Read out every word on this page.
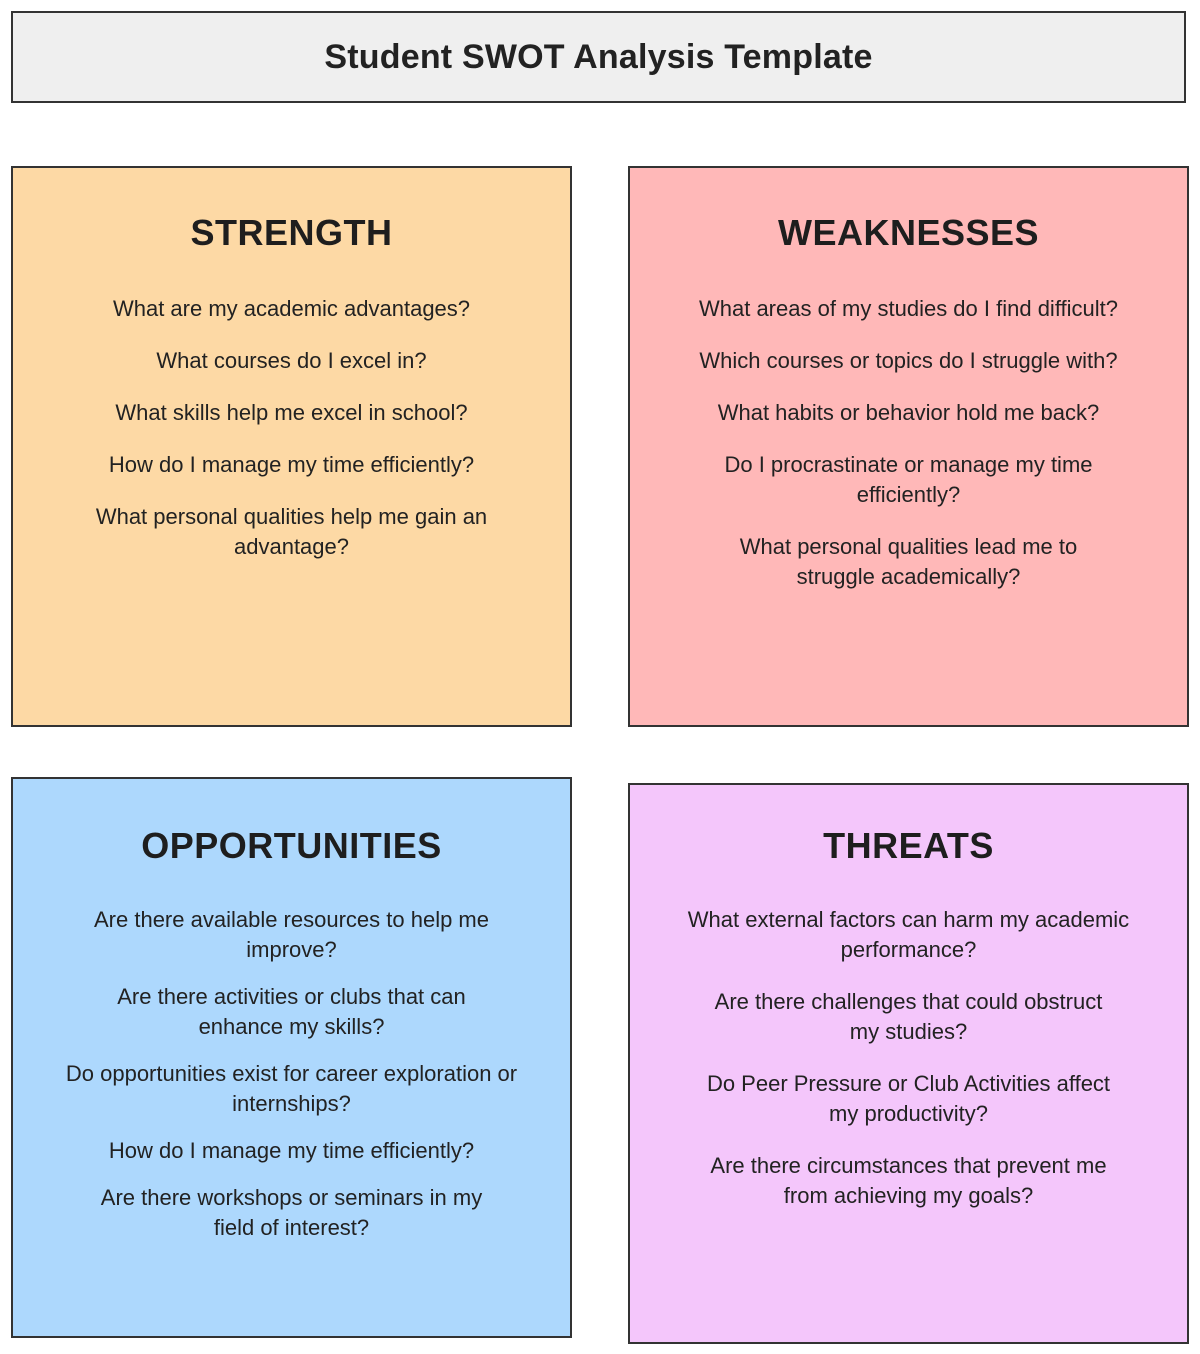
Student SWOT Analysis Template
STRENGTH
What are my academic advantages?
What courses do I excel in?
What skills help me excel in school?
How do I manage my time efficiently?
What personal qualities help me gain an advantage?
WEAKNESSES
What areas of my studies do I find difficult?
Which courses or topics do I struggle with?
What habits or behavior hold me back?
Do I procrastinate or manage my time efficiently?
What personal qualities lead me to struggle academically?
OPPORTUNITIES
Are there available resources to help me improve?
Are there activities or clubs that can enhance my skills?
Do opportunities exist for career exploration or internships?
How do I manage my time efficiently?
Are there workshops or seminars in my field of interest?
THREATS
What external factors can harm my academic performance?
Are there challenges that could obstruct my studies?
Do Peer Pressure or Club Activities affect my productivity?
Are there circumstances that prevent me from achieving my goals?
